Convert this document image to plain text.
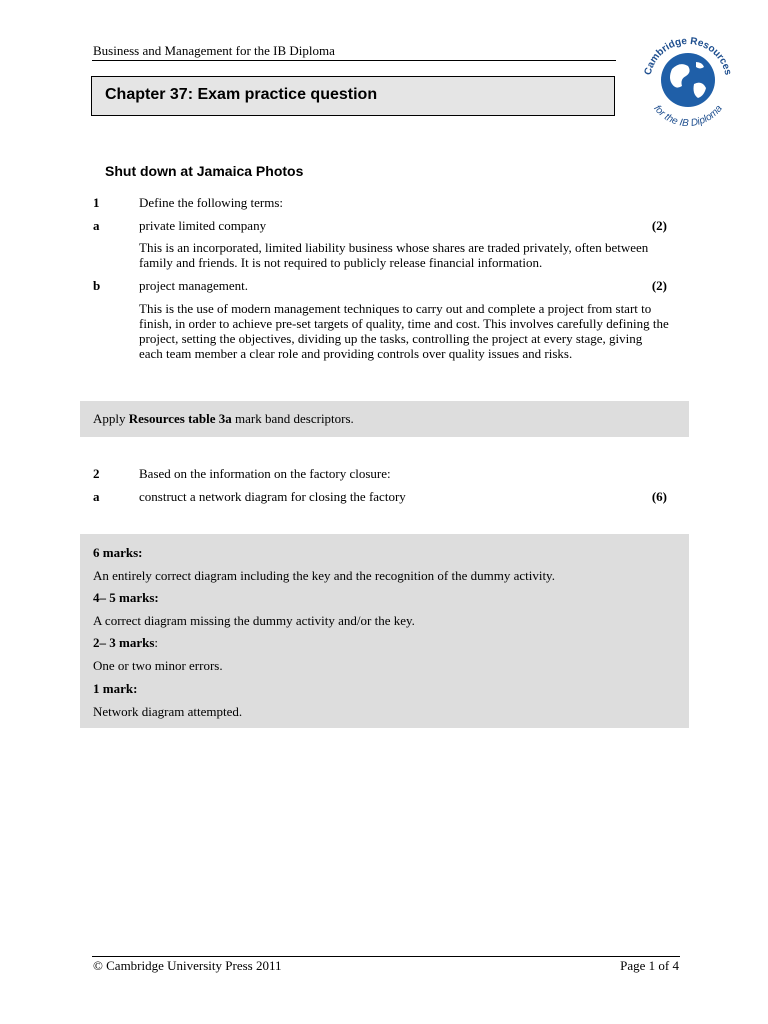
Business and Management for the IB Diploma
Chapter 37: Exam practice question
Cambridge Resources
for the IB Diploma
Shut down at Jamaica Photos
1	Define the following terms:
a	private limited company	(2)
This is an incorporated, limited liability business whose shares are traded privately, often between family and friends. It is not required to publicly release financial information.
b	project management.	(2)
This is the use of modern management techniques to carry out and complete a project from start to finish, in order to achieve pre-set targets of quality, time and cost. This involves carefully defining the project, setting the objectives, dividing up the tasks, controlling the project at every stage, giving each team member a clear role and providing controls over quality issues and risks.
Apply Resources table 3a mark band descriptors.
2	Based on the information on the factory closure:
a	construct a network diagram for closing the factory	(6)
6 marks:
An entirely correct diagram including the key and the recognition of the dummy activity.
4– 5 marks:
A correct diagram missing the dummy activity and/or the key.
2– 3 marks:
One or two minor errors.
1 mark:
Network diagram attempted.
© Cambridge University Press 2011	Page 1 of 4
